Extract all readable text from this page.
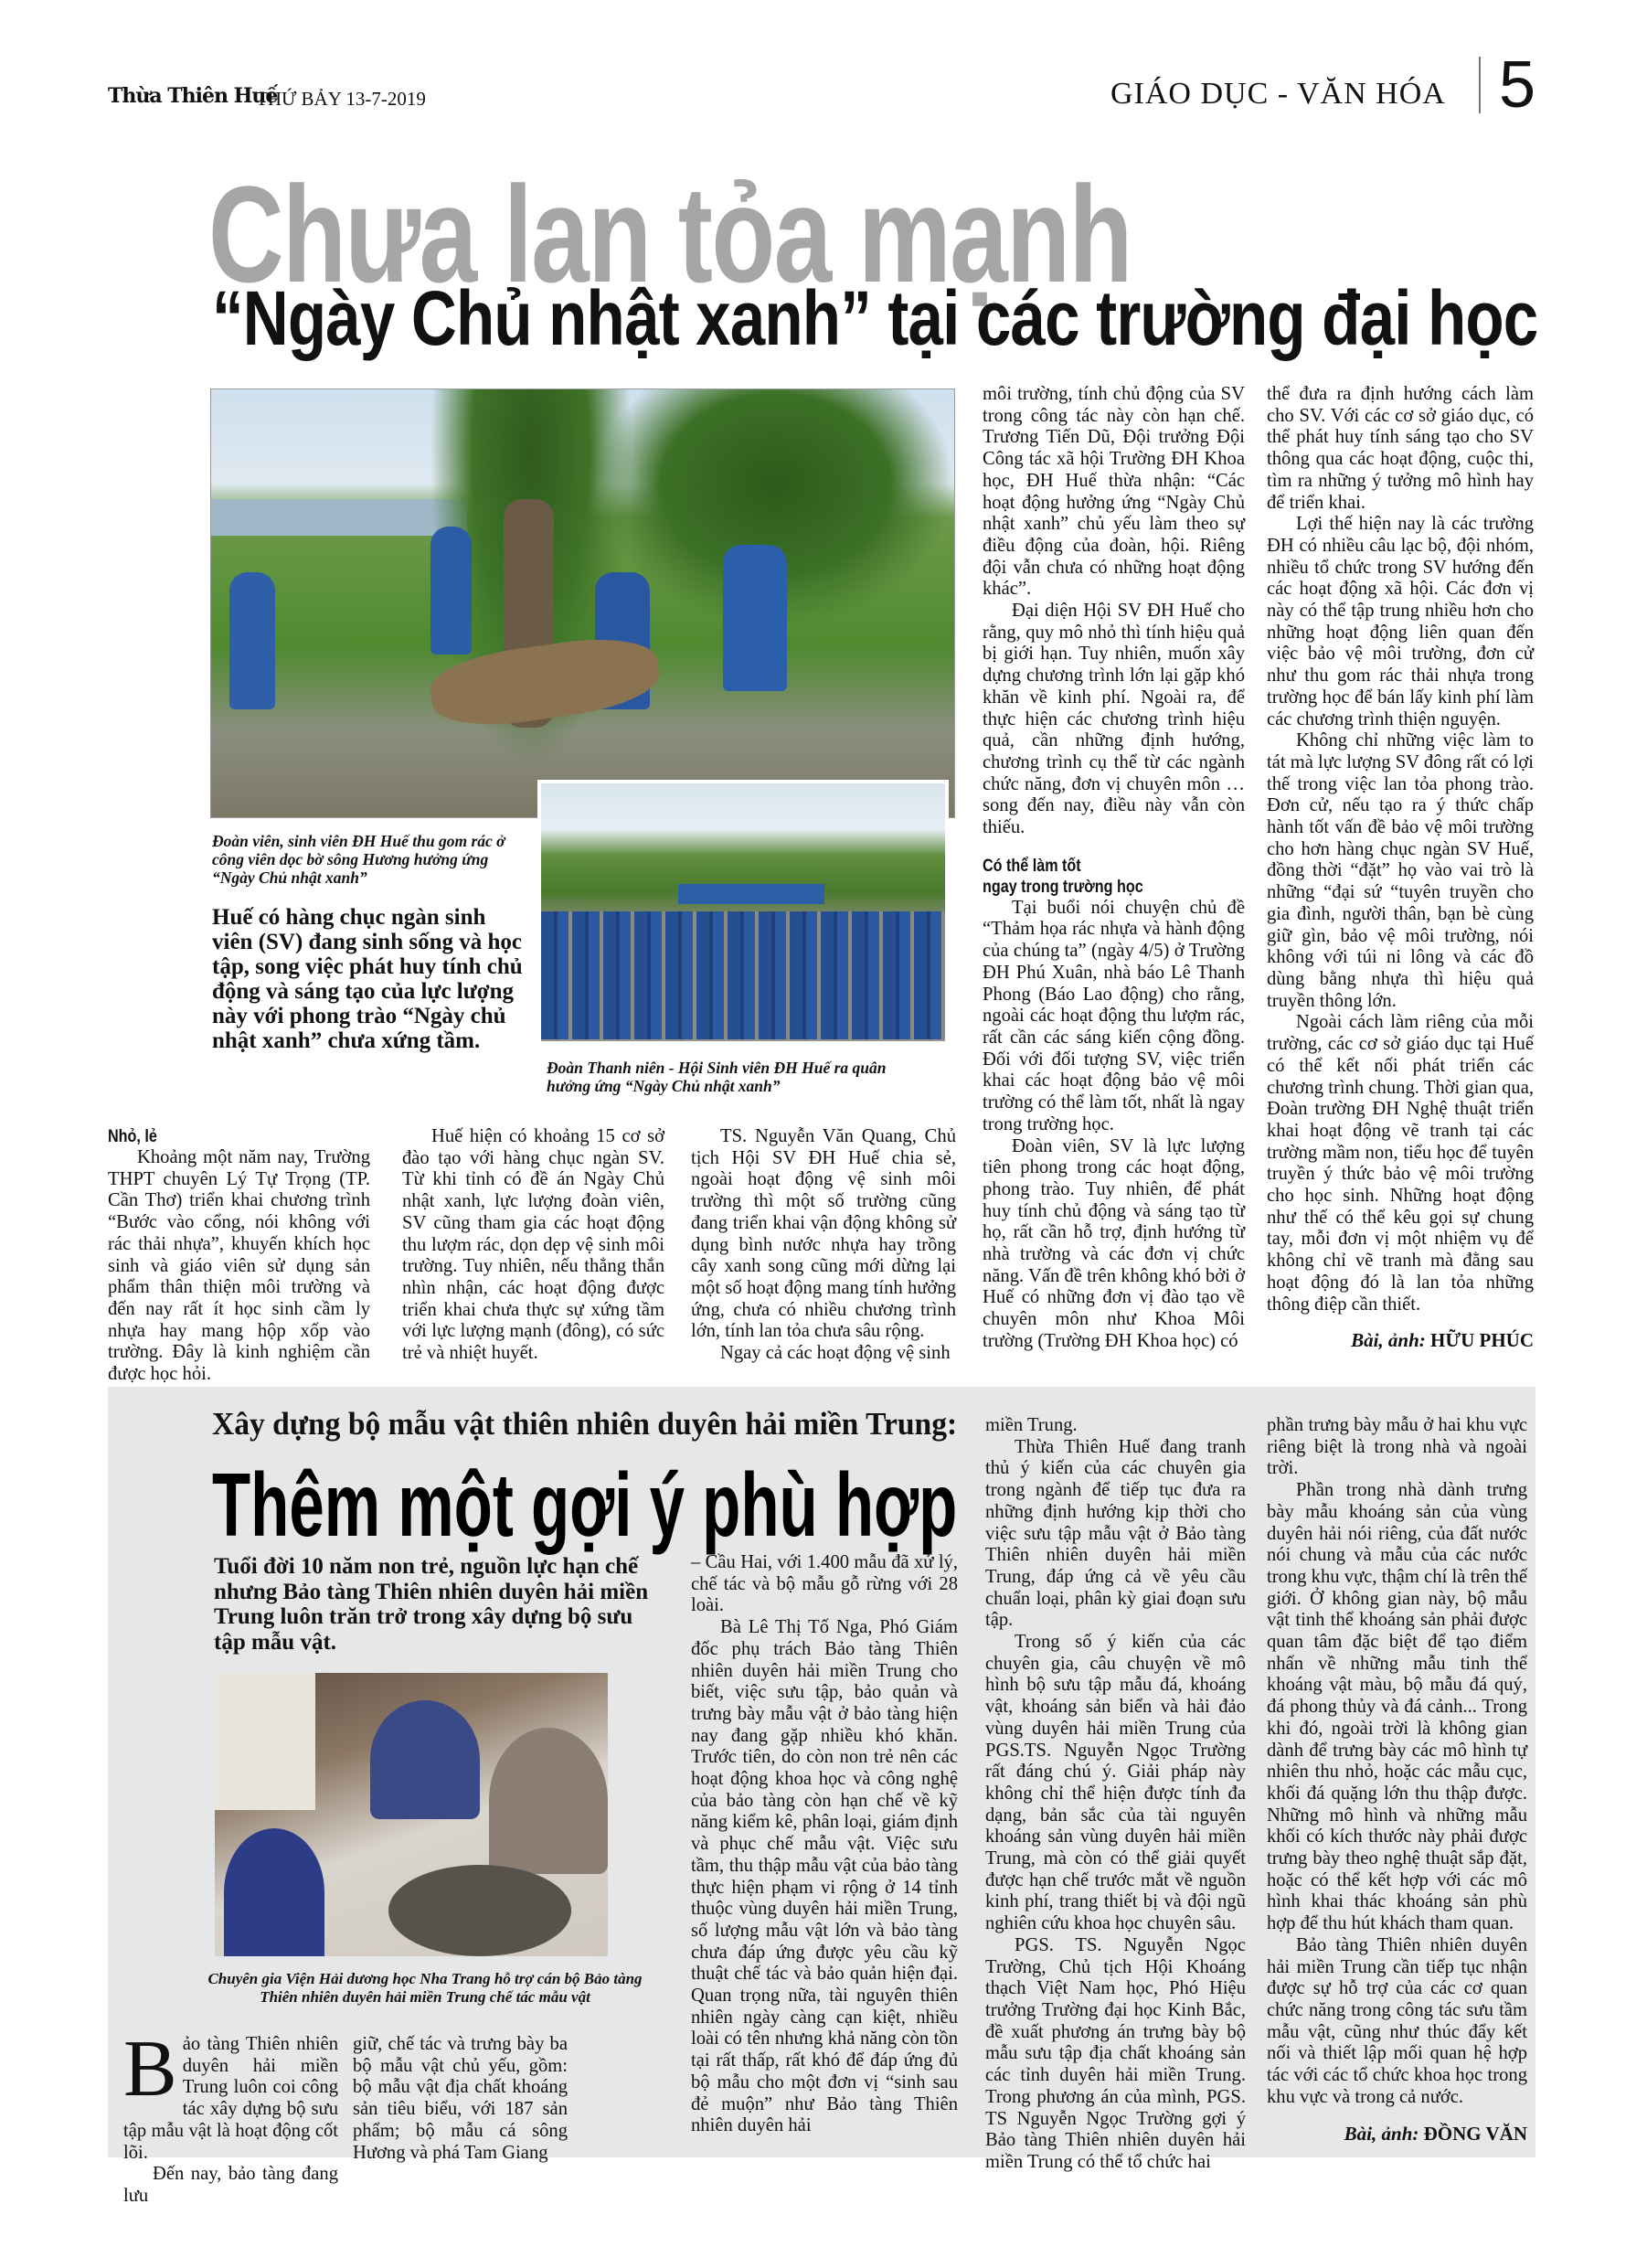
Thừa Thiên Huế
THỨ BẢY 13-7-2019	GIÁO DỤC - VĂN HÓA 5
Chưa lan tỏa mạnh
“Ngày Chủ nhật xanh” tại các trường đại học
Đoàn viên, sinh viên ĐH Huế thu gom rác ở công viên dọc bờ sông Hương hưởng ứng “Ngày Chủ nhật xanh”
Huế có hàng chục ngàn sinh viên (SV) đang sinh sống và học tập, song việc phát huy tính chủ động và sáng tạo của lực lượng này với phong trào “Ngày chủ nhật xanh” chưa xứng tầm.
Đoàn Thanh niên - Hội Sinh viên ĐH Huế ra quân hưởng ứng “Ngày Chủ nhật xanh”
Nhỏ, lẻ

Khoảng một năm nay, Trường THPT chuyên Lý Tự Trọng (TP. Cần Thơ) triển khai chương trình “Bước vào cổng, nói không với rác thải nhựa”, khuyến khích học sinh và giáo viên sử dụng sản phẩm thân thiện môi trường và đến nay rất ít học sinh cầm ly nhựa hay mang hộp xốp vào trường. Đây là kinh nghiệm cần được học hỏi.

Huế hiện có khoảng 15 cơ sở đào tạo với hàng chục ngàn SV. Từ khi tỉnh có đề án Ngày Chủ nhật xanh, lực lượng đoàn viên, SV cũng tham gia các hoạt động thu lượm rác, dọn dẹp vệ sinh môi trường. Tuy nhiên, nếu thẳng thắn nhìn nhận, các hoạt động được triển khai chưa thực sự xứng tầm với lực lượng mạnh (đông), có sức trẻ và nhiệt huyết.

TS. Nguyễn Văn Quang, Chủ tịch Hội SV ĐH Huế chia sẻ, ngoài hoạt động vệ sinh môi trường thì một số trường cũng đang triển khai vận động không sử dụng bình nước nhựa hay trồng cây xanh song cũng mới dừng lại một số hoạt động mang tính hưởng ứng, chưa có nhiều chương trình lớn, tính lan tỏa chưa sâu rộng.

Ngay cả các hoạt động vệ sinh

môi trường, tính chủ động của SV trong công tác này còn hạn chế. Trương Tiến Dũ, Đội trưởng Đội Công tác xã hội Trường ĐH Khoa học, ĐH Huế thừa nhận: “Các hoạt động hưởng ứng “Ngày Chủ nhật xanh” chủ yếu làm theo sự điều động của đoàn, hội. Riêng đội vẫn chưa có những hoạt động khác”.

Đại diện Hội SV ĐH Huế cho rằng, quy mô nhỏ thì tính hiệu quả bị giới hạn. Tuy nhiên, muốn xây dựng chương trình lớn lại gặp khó khăn về kinh phí. Ngoài ra, để thực hiện các chương trình hiệu quả, cần những định hướng, chương trình cụ thể từ các ngành chức năng, đơn vị chuyên môn … song đến nay, điều này vẫn còn thiếu.

Có thể làm tốt
ngay trong trường học

Tại buổi nói chuyện chủ đề “Thảm họa rác nhựa và hành động của chúng ta” (ngày 4/5) ở Trường ĐH Phú Xuân, nhà báo Lê Thanh Phong (Báo Lao động) cho rằng, ngoài các hoạt động thu lượm rác, rất cần các sáng kiến cộng đồng. Đối với đối tượng SV, việc triển khai các hoạt động bảo vệ môi trường có thể làm tốt, nhất là ngay trong trường học.

Đoàn viên, SV là lực lượng tiên phong trong các hoạt động, phong trào. Tuy nhiên, để phát huy tính chủ động và sáng tạo từ họ, rất cần hỗ trợ, định hướng từ nhà trường và các đơn vị chức năng. Vấn đề trên không khó bởi ở Huế có những đơn vị đào tạo về chuyên môn như Khoa Môi trường (Trường ĐH Khoa học) có

thể đưa ra định hướng cách làm cho SV. Với các cơ sở giáo dục, có thể phát huy tính sáng tạo cho SV thông qua các hoạt động, cuộc thi, tìm ra những ý tưởng mô hình hay để triển khai.

Lợi thế hiện nay là các trường ĐH có nhiều câu lạc bộ, đội nhóm, nhiều tổ chức trong SV hướng đến các hoạt động xã hội. Các đơn vị này có thể tập trung nhiều hơn cho những hoạt động liên quan đến việc bảo vệ môi trường, đơn cử như thu gom rác thải nhựa trong trường học để bán lấy kinh phí làm các chương trình thiện nguyện.

Không chỉ những việc làm to tát mà lực lượng SV đông rất có lợi thế trong việc lan tỏa phong trào. Đơn cử, nếu tạo ra ý thức chấp hành tốt vấn đề bảo vệ môi trường cho hơn hàng chục ngàn SV Huế, đồng thời “đặt” họ vào vai trò là những “đại sứ “tuyên truyền cho gia đình, người thân, bạn bè cùng giữ gìn, bảo vệ môi trường, nói không với túi ni lông và các đồ dùng bằng nhựa thì hiệu quả truyền thông lớn.

Ngoài cách làm riêng của mỗi trường, các cơ sở giáo dục tại Huế có thể kết nối phát triển các chương trình chung. Thời gian qua, Đoàn trường ĐH Nghệ thuật triển khai hoạt động vẽ tranh tại các trường mầm non, tiểu học để tuyên truyền ý thức bảo vệ môi trường cho học sinh. Những hoạt động như thế có thể kêu gọi sự chung tay, mỗi đơn vị một nhiệm vụ để không chỉ vẽ tranh mà đằng sau hoạt động đó là lan tỏa những thông điệp cần thiết.

Bài, ảnh: HỮU PHÚC
Xây dựng bộ mẫu vật thiên nhiên duyên hải miền Trung:
Thêm một gợi ý phù hợp
Tuổi đời 10 năm non trẻ, nguồn lực hạn chế nhưng Bảo tàng Thiên nhiên duyên hải miền Trung luôn trăn trở trong xây dựng bộ sưu tập mẫu vật.
Chuyên gia Viện Hải dương học Nha Trang hỗ trợ cán bộ Bảo tàng Thiên nhiên duyên hải miền Trung chế tác mẫu vật

Bảo tàng Thiên nhiên duyên hải miền Trung luôn coi công tác xây dựng bộ sưu tập mẫu vật là hoạt động cốt lõi.

Đến nay, bảo tàng đang lưu

giữ, chế tác và trưng bày ba bộ mẫu vật chủ yếu, gồm: bộ mẫu vật địa chất khoáng sản tiêu biểu, với 187 sản phẩm; bộ mẫu cá sông Hương và phá Tam Giang

– Cầu Hai, với 1.400 mẫu đã xử lý, chế tác và bộ mẫu gỗ rừng với 28 loài.

Bà Lê Thị Tố Nga, Phó Giám đốc phụ trách Bảo tàng Thiên nhiên duyên hải miền Trung cho biết, việc sưu tập, bảo quản và trưng bày mẫu vật ở bảo tàng hiện nay đang gặp nhiều khó khăn. Trước tiên, do còn non trẻ nên các hoạt động khoa học và công nghệ của bảo tàng còn hạn chế về kỹ năng kiểm kê, phân loại, giám định và phục chế mẫu vật. Việc sưu tầm, thu thập mẫu vật của bảo tàng thực hiện phạm vi rộng ở 14 tỉnh thuộc vùng duyên hải miền Trung, số lượng mẫu vật lớn và bảo tàng chưa đáp ứng được yêu cầu kỹ thuật chế tác và bảo quản hiện đại. Quan trọng nữa, tài nguyên thiên nhiên ngày càng cạn kiệt, nhiều loài có tên nhưng khả năng còn tồn tại rất thấp, rất khó để đáp ứng đủ bộ mẫu cho một đơn vị “sinh sau đẻ muộn” như Bảo tàng Thiên nhiên duyên hải

miền Trung.

Thừa Thiên Huế đang tranh thủ ý kiến của các chuyên gia trong ngành để tiếp tục đưa ra những định hướng kịp thời cho việc sưu tập mẫu vật ở Bảo tàng Thiên nhiên duyên hải miền Trung, đáp ứng cả về yêu cầu chuẩn loại, phân kỳ giai đoạn sưu tập.

Trong số ý kiến của các chuyên gia, câu chuyện về mô hình bộ sưu tập mẫu đá, khoáng vật, khoáng sản biển và hải đảo vùng duyên hải miền Trung của PGS.TS. Nguyễn Ngọc Trường rất đáng chú ý. Giải pháp này không chỉ thể hiện được tính đa dạng, bản sắc của tài nguyên khoáng sản vùng duyên hải miền Trung, mà còn có thể giải quyết được hạn chế trước mắt về nguồn kinh phí, trang thiết bị và đội ngũ nghiên cứu khoa học chuyên sâu.

PGS. TS. Nguyễn Ngọc Trường, Chủ tịch Hội Khoáng thạch Việt Nam học, Phó Hiệu trưởng Trường đại học Kinh Bắc, đề xuất phương án trưng bày bộ mẫu sưu tập địa chất khoáng sản các tỉnh duyên hải miền Trung. Trong phương án của mình, PGS. TS Nguyễn Ngọc Trường gợi ý Bảo tàng Thiên nhiên duyên hải miền Trung có thể tổ chức hai

phần trưng bày mẫu ở hai khu vực riêng biệt là trong nhà và ngoài trời.

Phần trong nhà dành trưng bày mẫu khoáng sản của vùng duyên hải nói riêng, của đất nước nói chung và mẫu của các nước trong khu vực, thậm chí là trên thế giới. Ở không gian này, bộ mẫu vật tinh thể khoáng sản phải được quan tâm đặc biệt để tạo điểm nhấn về những mẫu tinh thể khoáng vật màu, bộ mẫu đá quý, đá phong thủy và đá cảnh... Trong khi đó, ngoài trời là không gian dành để trưng bày các mô hình tự nhiên thu nhỏ, hoặc các mẫu cục, khối đá quặng lớn thu thập được. Những mô hình và những mẫu khối có kích thước này phải được trưng bày theo nghệ thuật sắp đặt, hoặc có thể kết hợp với các mô hình khai thác khoáng sản phù hợp để thu hút khách tham quan.

Bảo tàng Thiên nhiên duyên hải miền Trung cần tiếp tục nhận được sự hỗ trợ của các cơ quan chức năng trong công tác sưu tầm mẫu vật, cũng như thúc đẩy kết nối và thiết lập mối quan hệ hợp tác với các tổ chức khoa học trong khu vực và trong cả nước.

Bài, ảnh: ĐỒNG VĂN
